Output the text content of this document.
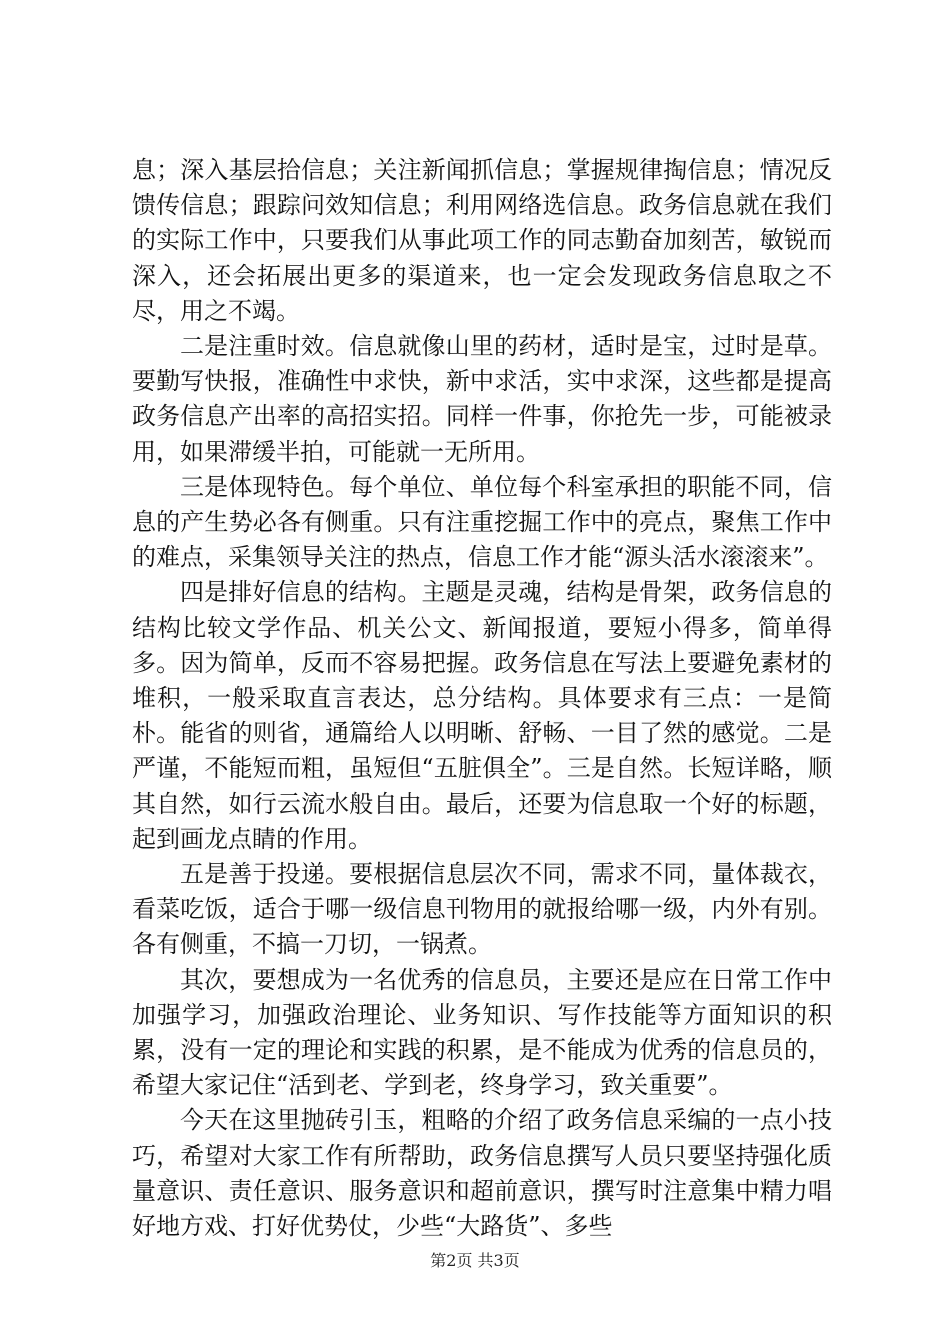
息；深入基层拾信息；关注新闻抓信息；掌握规律掏信息；情况反馈传信息；跟踪问效知信息；利用网络选信息。政务信息就在我们的实际工作中，只要我们从事此项工作的同志勤奋加刻苦，敏锐而深入，还会拓展出更多的渠道来，也一定会发现政务信息取之不尽，用之不竭。

二是注重时效。信息就像山里的药材，适时是宝，过时是草。要勤写快报，准确性中求快，新中求活，实中求深，这些都是提高政务信息产出率的高招实招。同样一件事，你抢先一步，可能被录用，如果滞缓半拍，可能就一无所用。

三是体现特色。每个单位、单位每个科室承担的职能不同，信息的产生势必各有侧重。只有注重挖掘工作中的亮点，聚焦工作中的难点，采集领导关注的热点，信息工作才能“源头活水滚滚来”。

四是排好信息的结构。主题是灵魂，结构是骨架，政务信息的结构比较文学作品、机关公文、新闻报道，要短小得多，简单得多。因为简单，反而不容易把握。政务信息在写法上要避免素材的堆积，一般采取直言表达，总分结构。具体要求有三点：一是简朴。能省的则省，通篇给人以明晰、舒畅、一目了然的感觉。二是严谨，不能短而粗，虽短但“五脏俱全”。三是自然。长短详略，顺其自然，如行云流水般自由。最后，还要为信息取一个好的标题，起到画龙点睛的作用。

五是善于投递。要根据信息层次不同，需求不同，量体裁衣，看菜吃饭，适合于哪一级信息刊物用的就报给哪一级，内外有别。各有侧重，不搞一刀切，一锅煮。

其次，要想成为一名优秀的信息员，主要还是应在日常工作中加强学习，加强政治理论、业务知识、写作技能等方面知识的积累，没有一定的理论和实践的积累，是不能成为优秀的信息员的，希望大家记住“活到老、学到老，终身学习，致关重要”。

今天在这里抛砖引玉，粗略的介绍了政务信息采编的一点小技巧，希望对大家工作有所帮助，政务信息撰写人员只要坚持强化质量意识、责任意识、服务意识和超前意识，撰写时注意集中精力唱好地方戏、打好优势仗，少些“大路货”、多些

第2页 共3页
